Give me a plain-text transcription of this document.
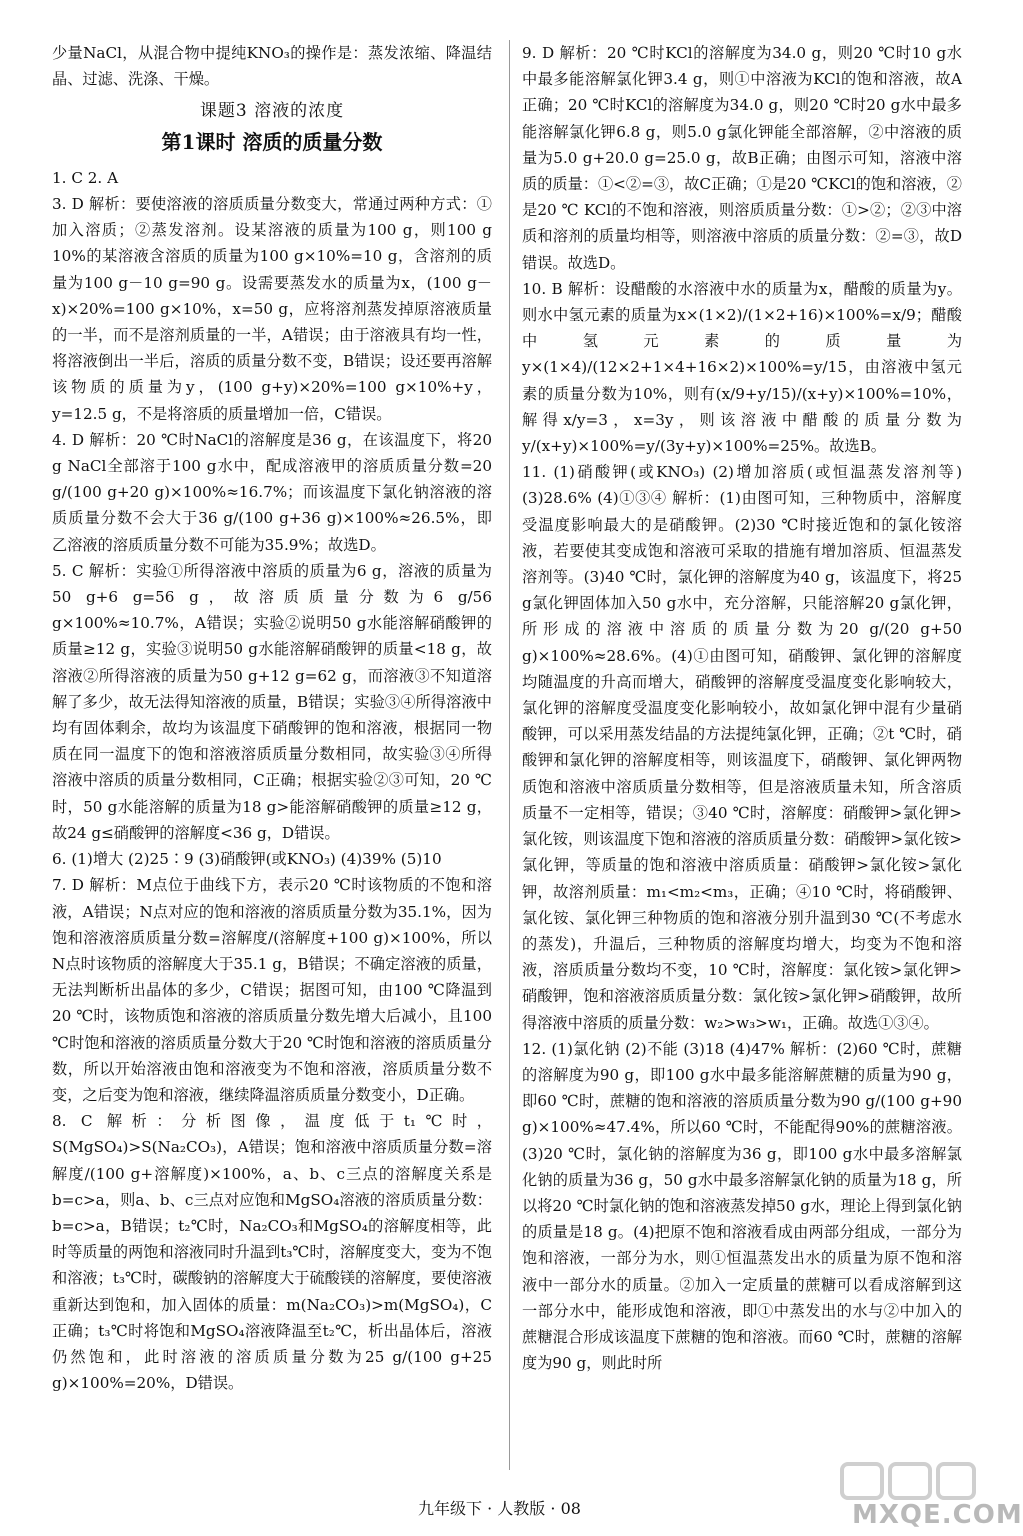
少量NaCl，从混合物中提纯KNO₃的操作是：蒸发浓缩、降温结晶、过滤、洗涤、干燥。

课题3 溶液的浓度
第1课时 溶质的质量分数

1. C 2. A

3. D 解析：要使溶液的溶质质量分数变大，常通过两种方式：①加入溶质；②蒸发溶剂。设某溶液的质量为100 g，则100 g 10%的某溶液含溶质的质量为100 g×10%=10 g，含溶剂的质量为100 g－10 g=90 g。设需要蒸发水的质量为x，(100 g－x)×20%=100 g×10%，x=50 g，应将溶剂蒸发掉原溶液质量的一半，而不是溶剂质量的一半，A错误；由于溶液具有均一性，将溶液倒出一半后，溶质的质量分数不变，B错误；设还要再溶解该物质的质量为y，(100 g+y)×20%=100 g×10%+y，y=12.5 g，不是将溶质的质量增加一倍，C错误。

4. D 解析：20 ℃时NaCl的溶解度是36 g，在该温度下，将20 g NaCl全部溶于100 g水中，配成溶液甲的溶质质量分数=20 g/(100 g+20 g)×100%≈16.7%；而该温度下氯化钠溶液的溶质质量分数不会大于36 g/(100 g+36 g)×100%≈26.5%，即乙溶液的溶质质量分数不可能为35.9%；故选D。

5. C 解析：实验①所得溶液中溶质的质量为6 g，溶液的质量为50 g+6 g=56 g，故溶质质量分数为6 g/56 g×100%≈10.7%，A错误；实验②说明50 g水能溶解硝酸钾的质量≥12 g，实验③说明50 g水能溶解硝酸钾的质量<18 g，故溶液②所得溶液的质量为50 g+12 g=62 g，而溶液③不知道溶解了多少，故无法得知溶液的质量，B错误；实验③④所得溶液中均有固体剩余，故均为该温度下硝酸钾的饱和溶液，根据同一物质在同一温度下的饱和溶液溶质质量分数相同，故实验③④所得溶液中溶质的质量分数相同，C正确；根据实验②③可知，20 ℃时，50 g水能溶解的质量为18 g>能溶解硝酸钾的质量≥12 g，故24 g≤硝酸钾的溶解度<36 g，D错误。

6. (1)增大 (2)25∶9 (3)硝酸钾(或KNO₃) (4)39% (5)10

7. D 解析：M点位于曲线下方，表示20 ℃时该物质的不饱和溶液，A错误；N点对应的饱和溶液的溶质质量分数为35.1%，因为饱和溶液溶质质量分数=溶解度/(溶解度+100 g)×100%，所以N点时该物质的溶解度大于35.1 g，B错误；不确定溶液的质量，无法判断析出晶体的多少，C错误；据图可知，由100 ℃降温到20 ℃时，该物质饱和溶液的溶质质量分数先增大后减小，且100 ℃时饱和溶液的溶质质量分数大于20 ℃时饱和溶液的溶质质量分数，所以开始溶液由饱和溶液变为不饱和溶液，溶质质量分数不变，之后变为饱和溶液，继续降温溶质质量分数变小，D正确。

8. C 解析：分析图像，温度低于t₁℃时，S(MgSO₄)>S(Na₂CO₃)，A错误；饱和溶液中溶质质量分数=溶解度/(100 g+溶解度)×100%，a、b、c三点的溶解度关系是b=c>a，则a、b、c三点对应饱和MgSO₄溶液的溶质质量分数：b=c>a，B错误；t₂℃时，Na₂CO₃和MgSO₄的溶解度相等，此时等质量的两饱和溶液同时升温到t₃℃时，溶解度变大，变为不饱和溶液；t₃℃时，碳酸钠的溶解度大于硫酸镁的溶解度，要使溶液重新达到饱和，加入固体的质量：m(Na₂CO₃)>m(MgSO₄)，C正确；t₃℃时将饱和MgSO₄溶液降温至t₂℃，析出晶体后，溶液仍然饱和，此时溶液的溶质质量分数为25 g/(100 g+25 g)×100%=20%，D错误。

9. D 解析：20 ℃时KCl的溶解度为34.0 g，则20 ℃时10 g水中最多能溶解氯化钾3.4 g，则①中溶液为KCl的饱和溶液，故A正确；20 ℃时KCl的溶解度为34.0 g，则20 ℃时20 g水中最多能溶解氯化钾6.8 g，则5.0 g氯化钾能全部溶解，②中溶液的质量为5.0 g+20.0 g=25.0 g，故B正确；由图示可知，溶液中溶质的质量：①<②=③，故C正确；①是20 ℃KCl的饱和溶液，②是20 ℃ KCl的不饱和溶液，则溶质质量分数：①>②；②③中溶质和溶剂的质量均相等，则溶液中溶质的质量分数：②=③，故D错误。故选D。

10. B 解析：设醋酸的水溶液中水的质量为x，醋酸的质量为y。则水中氢元素的质量为x×(1×2)/(1×2+16)×100%=x/9；醋酸中氢元素的质量为y×(1×4)/(12×2+1×4+16×2)×100%=y/15，由溶液中氢元素的质量分数为10%，则有(x/9+y/15)/(x+y)×100%=10%，解得x/y=3，x=3y，则该溶液中醋酸的质量分数为y/(x+y)×100%=y/(3y+y)×100%=25%。故选B。

11. (1)硝酸钾(或KNO₃) (2)增加溶质(或恒温蒸发溶剂等) (3)28.6% (4)①③④ 解析：(1)由图可知，三种物质中，溶解度受温度影响最大的是硝酸钾。(2)30 ℃时接近饱和的氯化铵溶液，若要使其变成饱和溶液可采取的措施有增加溶质、恒温蒸发溶剂等。(3)40 ℃时，氯化钾的溶解度为40 g，该温度下，将25 g氯化钾固体加入50 g水中，充分溶解，只能溶解20 g氯化钾，所形成的溶液中溶质的质量分数为20 g/(20 g+50 g)×100%≈28.6%。(4)①由图可知，硝酸钾、氯化钾的溶解度均随温度的升高而增大，硝酸钾的溶解度受温度变化影响较大，氯化钾的溶解度受温度变化影响较小，故如氯化钾中混有少量硝酸钾，可以采用蒸发结晶的方法提纯氯化钾，正确；②t ℃时，硝酸钾和氯化钾的溶解度相等，则该温度下，硝酸钾、氯化钾两物质饱和溶液中溶质质量分数相等，但是溶液质量未知，所含溶质质量不一定相等，错误；③40 ℃时，溶解度：硝酸钾>氯化钾>氯化铵，则该温度下饱和溶液的溶质质量分数：硝酸钾>氯化铵>氯化钾，等质量的饱和溶液中溶质质量：硝酸钾>氯化铵>氯化钾，故溶剂质量：m₁<m₂<m₃，正确；④10 ℃时，将硝酸钾、氯化铵、氯化钾三种物质的饱和溶液分别升温到30 ℃(不考虑水的蒸发)，升温后，三种物质的溶解度均增大，均变为不饱和溶液，溶质质量分数均不变，10 ℃时，溶解度：氯化铵>氯化钾>硝酸钾，饱和溶液溶质质量分数：氯化铵>氯化钾>硝酸钾，故所得溶液中溶质的质量分数：w₂>w₃>w₁，正确。故选①③④。

12. (1)氯化钠 (2)不能 (3)18 (4)47% 解析：(2)60 ℃时，蔗糖的溶解度为90 g，即100 g水中最多能溶解蔗糖的质量为90 g，即60 ℃时，蔗糖的饱和溶液的溶质质量分数为90 g/(100 g+90 g)×100%≈47.4%，所以60 ℃时，不能配得90%的蔗糖溶液。(3)20 ℃时，氯化钠的溶解度为36 g，即100 g水中最多溶解氯化钠的质量为36 g，50 g水中最多溶解氯化钠的质量为18 g，所以将20 ℃时氯化钠的饱和溶液蒸发掉50 g水，理论上得到氯化钠的质量是18 g。(4)把原不饱和溶液看成由两部分组成，一部分为饱和溶液，一部分为水，则①恒温蒸发出水的质量为原不饱和溶液中一部分水的质量。②加入一定质量的蔗糖可以看成溶解到这一部分水中，能形成饱和溶液，即①中蒸发出的水与②中加入的蔗糖混合形成该温度下蔗糖的饱和溶液。而60 ℃时，蔗糖的溶解度为90 g，则此时所

九年级下 · 人教版 · 08	MXQE.COM
